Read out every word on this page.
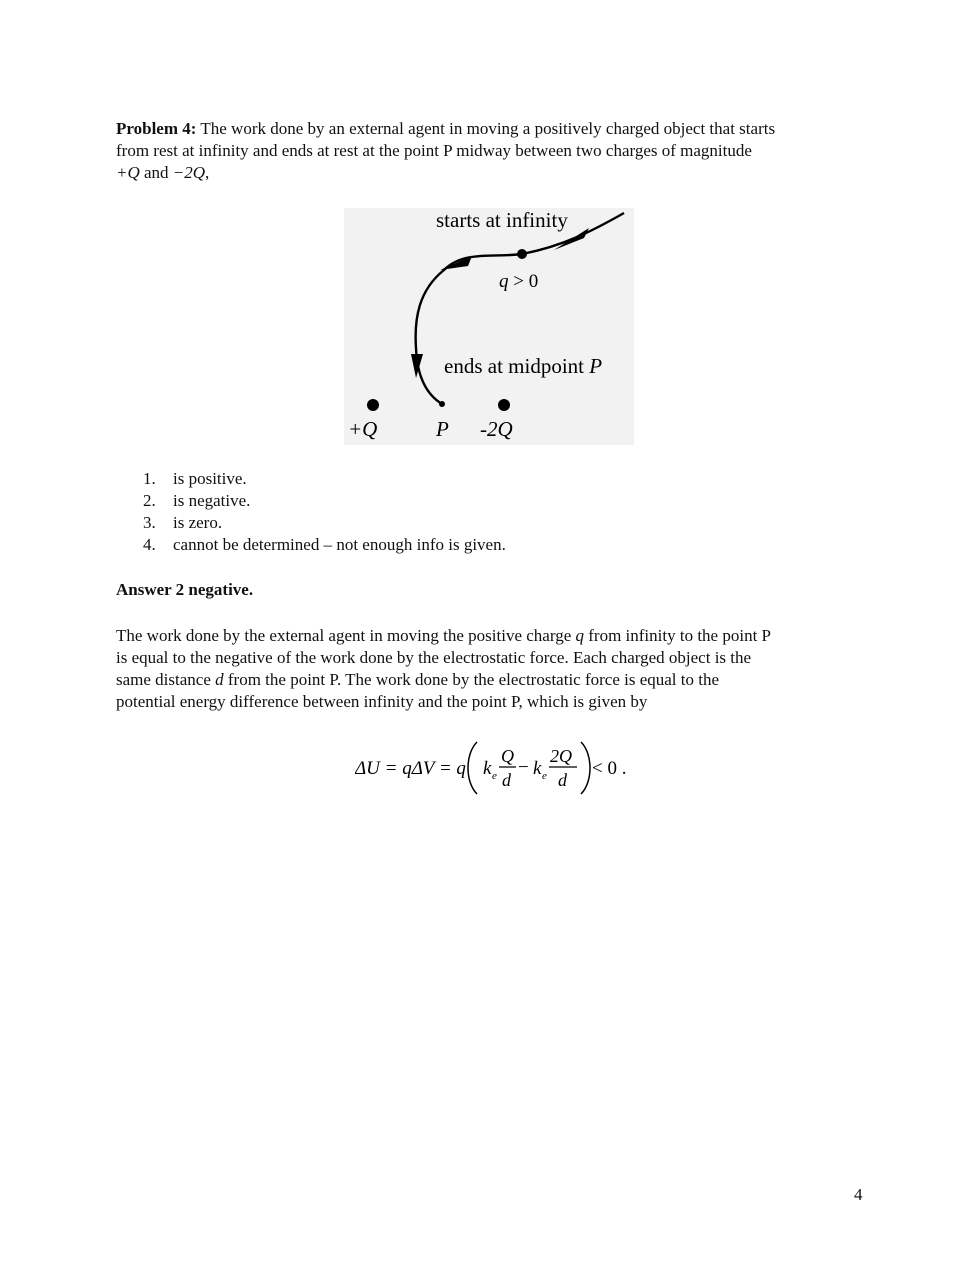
Problem 4: The work done by an external agent in moving a positively charged object that starts
from rest at infinity and ends at rest at the point P midway between two charges of magnitude
+Q and −2Q,
starts at infinity
q > 0
ends at midpoint P
+Q	P -2Q
1.	is positive.
2.	is negative.
3.	is zero.
4.	cannot be determined – not enough info is given.
Answer 2 negative.
The work done by the external agent in moving the positive charge q from infinity to the point P
is equal to the negative of the work done by the electrostatic force. Each charged object is the
same distance d from the point P. The work done by the electrostatic force is equal to the
potential energy difference between infinity and the point P, which is given by
ΔU = qΔV = q k e
Q
d
− k e
2Q
d
< 0 .
4
